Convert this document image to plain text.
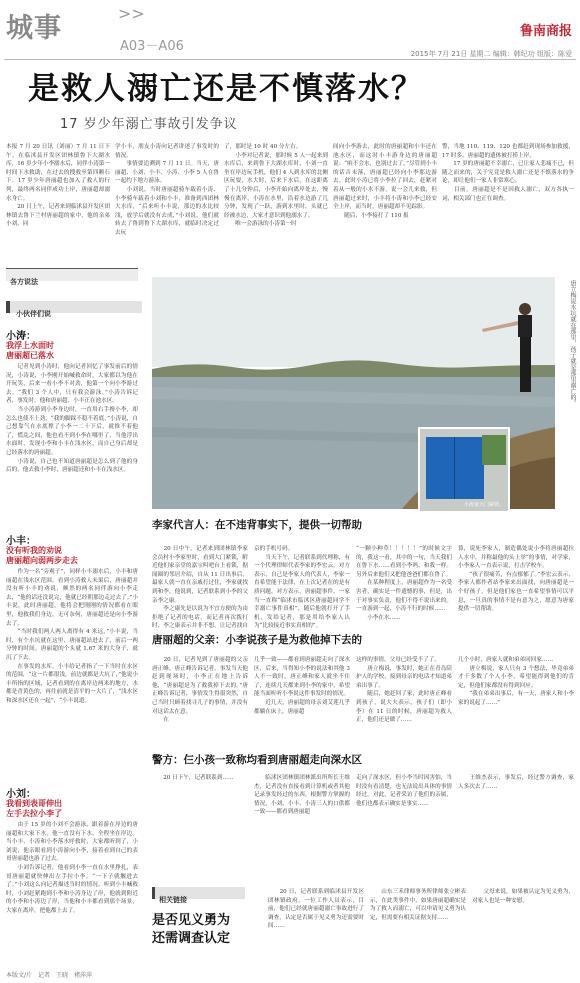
城事	>>
A03－A06
鲁南商报
2015年 7月 21日 星期二 编辑：韩纪功 组版：陈爱
是救人溺亡还是不慎落水？
17 岁少年溺亡事故引发争议
本报 7 月 20 日讯（刘丽）7 月 11 日下午，在临沭县开发区团林镇鲁下大湖水库，16 岁少年小李溺水后，同伴小涛第一时间下水救助，在过去的搜救至第四颗石下，17 岁少年唐丽超也加入了救人的行列，最终两名同伴成功上岸，唐丽超却溺水身亡。
　　20 日上午，记者来到临沭县开发区团林镇去鲁下兰村唐丽超的家中，他的亲弟小刘，同
学小丰，朋友小涛向记者讲述了事发时的情况。
　　事情要追溯到 7 月 11 日。当天，唐丽超、小刘、小丰、小涛、小李 5 人在鲁一起约下地方游泳。
　　小刘说，当时唐丽超骑车载着小涛、小李骑车载着小刘和小丰，准备到西团林大水库，“后来听小丰说，那边的水比较浅，放学后就没有去成，”小刘说，他们就转去了鲁到鲁下大湖水库，就临时决定过去玩
了，那时是 10 时 40 分左右。
　　小李对记者说，那时候 5 人一起来到水库后，来到鲁下大湖水库时，小刘一直坐在岸边玩手机，他们 4 人到水库的北侧区玩耍，水大时，后来下水后，在这距离了十几分钟后，小李开始向离岸处去，慢慢在离岸，小涛在水里，沿着水边游了几分钟，发现了一跃，游到水里时，头就已经被水边，大家才意识到他溺水了。
　　唯一会游泳的小涛第一时
间向小李游去，此时的唐丽超和小丰还在池水区，而这时小丰游身边的唐丽超说：“咱不会水，也别过去了。”尽管到小丰的话音未落，唐丽超已经向小李那边游去。此时小涛已将小李拉了回去，赶紧对着从一般的小水不游，说一会儿来救，但唐丽超过来时，小丰将小涛和小李已经安全上岸，而当时，唐丽超却不见踪影。
　　随后，小李接打了 110 报
警，当地 110、119、120 也都赶到现场参加救援，17 时多，唐丽超的遗体被打捞上岸。
　　17 岁的唐丽超不幸溺亡，已让家人悲痛不已，但随之而来的，关于究竟是救人溺亡还是不慎落水的争论，却让他们一家人非常寒心。
　　目前，唐丽超是不是因救人溺亡，双方各执一词，相关部门也正在调查。
各方说法
小伙伴们说
小涛：
我浮上水面时
唐丽超已落水
　　记者见到小涛时，他向记者回忆了事发前后的情况，小涛说，小李刚开始喊救命时，大家都以为他在开玩笑，后来一看小李不对劲，他第一个向小李游过去。“我们 3 个人中，只有我会游泳。”小涛告诉记者，事发时，他和唐丽超、小丰正在池水区。
　　当小涛游到小李身边时，一直用右手搀小李，却怎么也使不上劲，“我的脚踩不稳不着底，”小涛说，自己想靠气在水底撑了小李一二十下后，就推不着他了，慌乱之间，他也看不到小李在哪里了，当他浮出水面时，发现小李和小丰在浅水区，而自己身后却是已经落水的唐丽超。
　　小涛说，自己也不知道唐丽超是怎么到了他的身后的，他去救小李时，唐丽超还和小丰在浅水区。
小丰：
没有听我的劝说
唐丽超向弱两步走去
　　作为一名“旁观子”，同样小丰溺水后，小丰和唐丽超在浅水区范围。看到小涛救人未果后，唐丽超并没有听小丰的劝说，颇然的两名同伴游向小李走去，“他的话还没说完，他就已经朝那边走过去了。”小丰说，此时唐丽超，他将会把刚刚的情况都看在眼里，他救我们身边，无可奈何，唐丽超还是向小李游去了。
　　“当时我们两人两人离得有 4 米远，”小丰说，当时，有个水坑就在这里，唐丽超站进去了，前后一两分钟的时间，唐丽超的个头就 1.67 米的大身子，就沉了下去。
　　在事发的水库，小丰给记者指了一下当时在水区的范围，“这一片都很浅，前边就都是大坑了，”他说小丰所指的区域，记者看到的在离岸边两米的地方，水都是青黄色的，再往前就是清平的一大片了，“浅水区和深水区还在一起”，“小丰说道。
小刘：
我看到表哥伸出
左手去拉小李了
　　由于 15 岁的小刘不会游泳，跟着游在岸边的唐丽超和大家下水，他一直没有下水，全程坐在岸边。当小丰、小涛和小李落水呼救时，大家都听到了，小刘说，他亲眼看到小涛游向小李，接着看到自己的表哥唐丽超也游了过去。
　　小刘告诉记者，他看到小李一直在水里挣扎，表哥唐丽超就快伸出左手拉小李。“一下子就搁进去了。”小刘这么向记者描述当时的情况。听到小丰喊救时，小刘赶紧跑到小李和小涛身边了岸，他就到附近的小李和小涛边了岸，当他和小丰都看到那个场景，大家在离岸，把他都上去了。
小涛家大门紧锁。
唐立梅说水坑就在那里，孩子就是那里溺亡的。
李家代言人：在不违背事实下，提供一切帮助
　　20 日中午，记者来到团林镇李家会员村小李家里时，看到大门紧锁，附近他们家亲堂的嘉宝叫吧台上看锁，据闻圈的邻居介绍，自从 11 日出事后，最家人就一直在亲戚打过住，李家就找到和李，他说到，记者联系到小李的父亲李之康。
　　李之康先是以说为不宜方便的为由拒绝了记者的电话，而记者再次拨打时，李之康表示并非不想，让记者找自
京的手机号码。
　　当天下午，记者联系到代理称，有一个代理律师代表李家的李宏云，对方表示，自己是李家人的代表人，李家一直希望能于法律，在上次记者在的是有质问题，对方表示，唐丽超事件、一家当一直称“临沭市临沭区唐丽超同学不幸溺亡事件真相”，随后他就打开了手机，发给记者，那是用给李家人认为“比较接近事实真相的”。
“一颗小种草！！！！！”的时候文字的，我这一看，其中的一句，当天我们在鲁下水……看到小李吗，和我一样。另外后来他们又把他爸爸们都在鲁了。
　　在某种程度上，唐丽超作为一名受害者，确实是一件遗憾的事，但是，出于对事实负责，他们不得不说出来的。一直游到一起，小涛不行的时候……
　　小李在水……
算，说死李家人，制造偶处说小李将唐丽超拉人水中，并称最他的头上举“的事情，对学家，小李家人一直表示说，打击学校车。
　　“孩子很痛苦，有点郁郁了。”李宏云表示，李家人都作者站李家来出面找，向唐丽超是一个好孩子，但是他们家也一直希望事情可以平息，一旦真的事情不是有意为之，愿意为唐家提供一切帮助。
唐丽超的父亲：小李说孩子是为救他掉下去的
　　20 日，记者见到了唐丽超的父亲唐正峰，唐正峰告诉记者，事发当天他赶到现场时，小李正在地上告诉他，“唐丽超是为了救我掉下去的。”唐正峰告诉记者，事情发生得很突然，自己当时只顾着找寻儿子的事情，并没有对这话太在意。
　　在
几乎一致——都看到唐丽超走向了深水区，后来，当得知小李的说法和其他 3 人不一致时，唐正峰和家人就坐不住了，连续几天都来到小李的家中，希望能当面听听小李说这件事发时的情况。
　　近几天，唐丽超的母亲刘艾莲几乎都躺在床上，唐丽超
这样的事情，父母已经受不了了。
　　唐立梅说，事发时，她正在青岛陪护人的学校，接到母亲的电话才知道弟弟出事了。
　　随后，她赶回了家，此时唐正峰看到孩子，说大夫表示，孩子们（即小李）在 11 日的时候，唐丽超为救人正，他们还是做了……
几个小时，唐家人就和弟弟同回家……
　　唐立梅说，家人只有 3 个想法，毕竟弟弟才干多数了个人小李，希望能得到他们的肯定，但他们家都没有得到回应。
　　“我在弟弟出事后，有一天，唐家人和小李家的说起了……”
警方：仨小孩一致称均看到唐丽超走向深水区
　　20 日下午，记者联系到……	　　临沭区团林镇团林派出所所长王维杰，记者没有直接看到计算机或者其他记录事发经过的东西。根据警方掌握的情况，小刘、小丰、小涛三人的口供都一致——都看到唐丽超
走向了深水区，但小李当时因害怕，当时没有看清楚，也无法说出具体的事情经过。对此，记者采访了他们的亲属，他们也都表示确实是事实……
　　王维杰表示，事发后，经过警方调查，家人多次去了……
相关链接
是否见义勇为
还需调查认定
　　20 日，记者联系到临沭县开发区团林镇政府，一位工作人员表示，目前，他们已经就唐丽超溺亡事故进行了调查，认定是否属于见义勇为还需要时间……
　　山东三禾律师事务所律师张立彬表示，在此类事件中，如果唐丽超确实是为了救人而溺亡，可以申请见义勇为认定，但需要有相关证据支持……
　　父母来说，如果被认定为见义勇为，对家人也是一种安慰。
本版文/片　记者　王晓　褚萍萍
